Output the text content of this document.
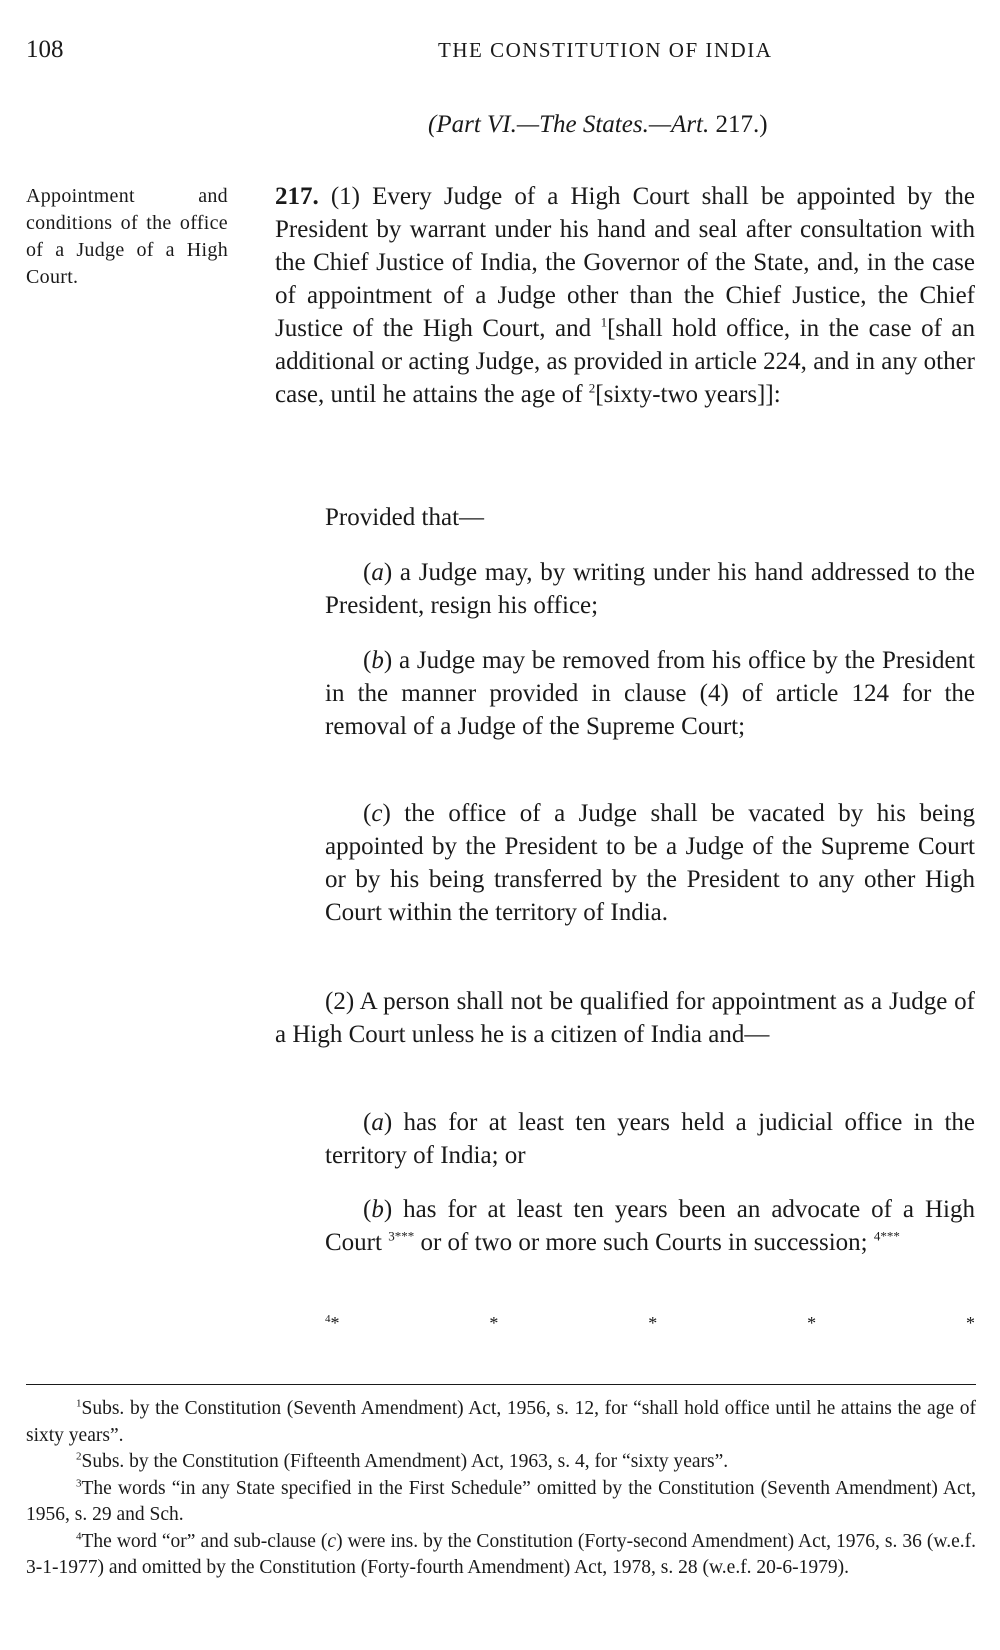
108	THE CONSTITUTION OF INDIA
(Part VI.—The States.—Art. 217.)
Appointment and conditions of the office of a Judge of a High Court.
217. (1) Every Judge of a High Court shall be appointed by the President by warrant under his hand and seal after consultation with the Chief Justice of India, the Governor of the State, and, in the case of appointment of a Judge other than the Chief Justice, the Chief Justice of the High Court, and $^1$[shall hold office, in the case of an additional or acting Judge, as provided in article 224, and in any other case, until he attains the age of $^2$[sixty-two years]]:
Provided that—
(a) a Judge may, by writing under his hand addressed to the President, resign his office;
(b) a Judge may be removed from his office by the President in the manner provided in clause (4) of article 124 for the removal of a Judge of the Supreme Court;
(c) the office of a Judge shall be vacated by his being appointed by the President to be a Judge of the Supreme Court or by his being transferred by the President to any other High Court within the territory of India.
(2) A person shall not be qualified for appointment as a Judge of a High Court unless he is a citizen of India and—
(a) has for at least ten years held a judicial office in the territory of India; or
(b) has for at least ten years been an advocate of a High Court $^{3***}$ or of two or more such Courts in succession; $^{4***}$
$^4$*	*	*	*	*

$^1$Subs. by the Constitution (Seventh Amendment) Act, 1956, s. 12, for “shall hold office until he attains the age of sixty years”.

$^2$Subs. by the Constitution (Fifteenth Amendment) Act, 1963, s. 4, for “sixty years”.

$^3$The words “in any State specified in the First Schedule” omitted by the Constitution (Seventh Amendment) Act, 1956, s. 29 and Sch.

$^4$The word “or” and sub-clause (c) were ins. by the Constitution (Forty-second Amendment) Act, 1976, s. 36 (w.e.f. 3-1-1977) and omitted by the Constitution (Forty-fourth Amendment) Act, 1978, s. 28 (w.e.f. 20-6-1979).
